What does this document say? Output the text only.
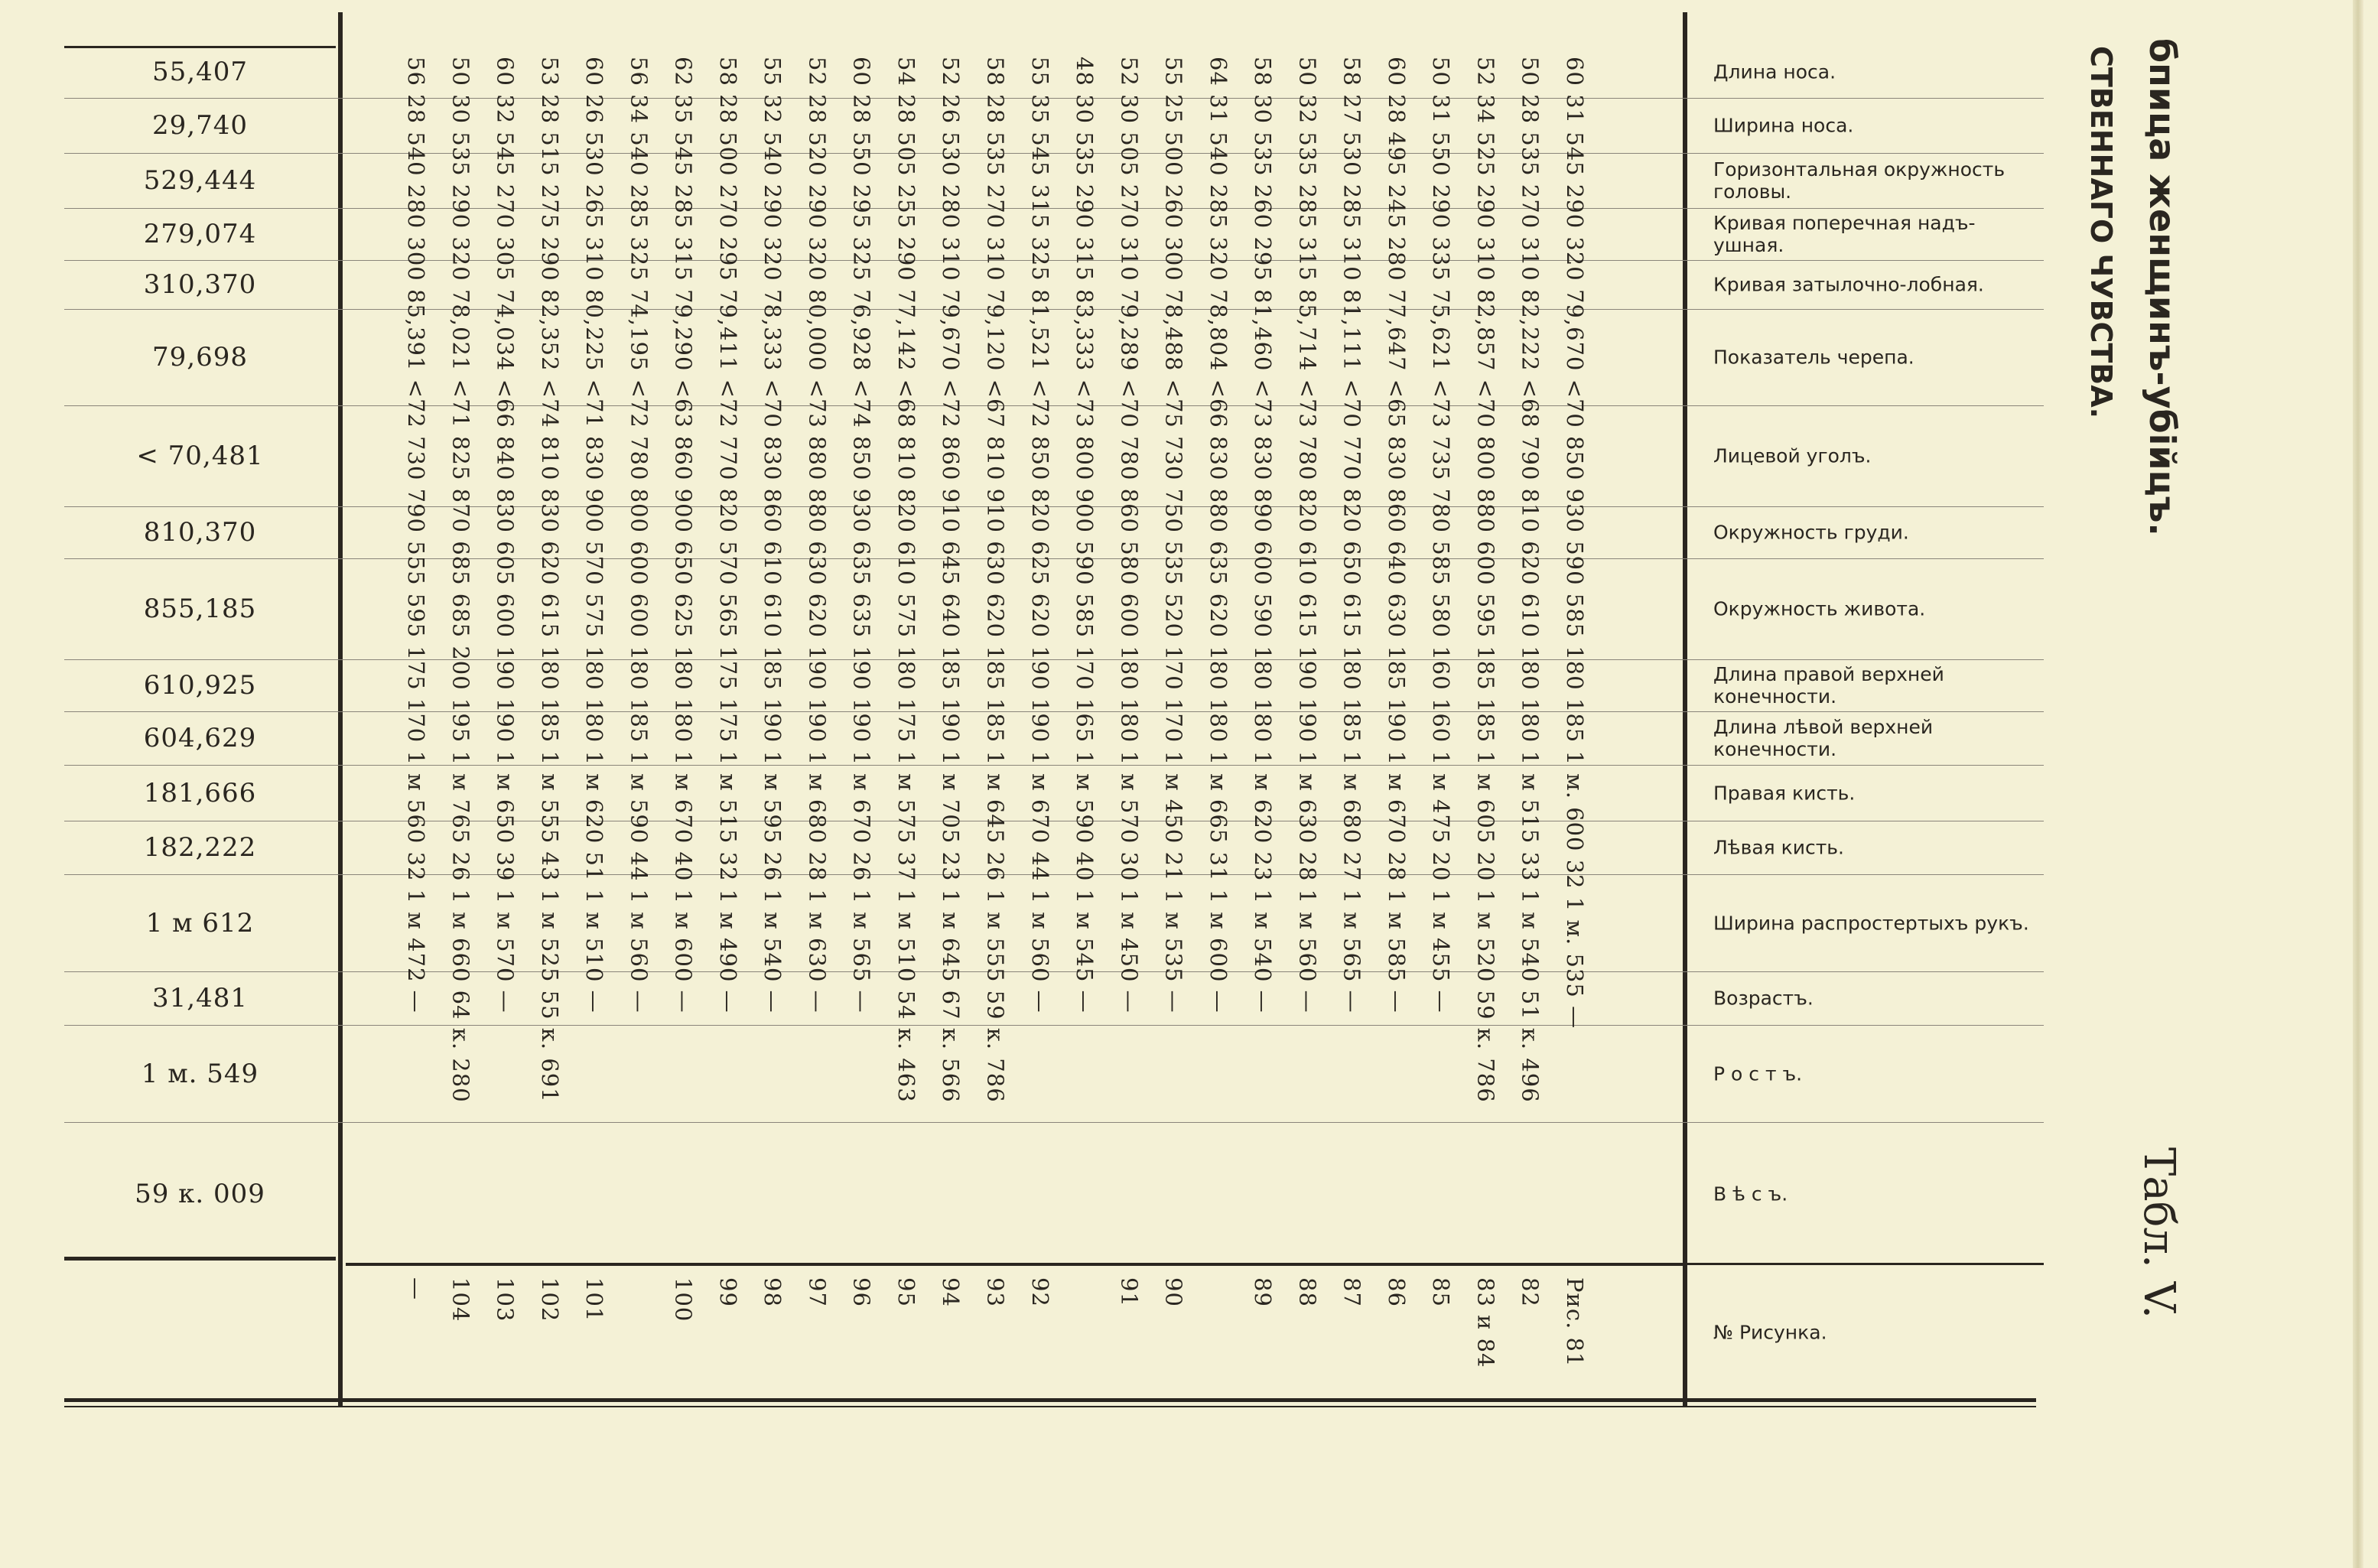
бпица женщинъ-убійцъ.
СТВЕННАГО ЧУВСТВА.
Табл. V.
Длина носа.
55,407
Ширина носа.
29,740
Горизонтальная окружность головы.
529,444
Кривая поперечная надъ-ушная.
279,074
Кривая затылочно-лобная.
310,370
Показатель черепа.
79,698
Лицевой уголъ.
< 70,481
Окружность груди.
810,370
Окружность живота.
855,185
Длина правой верхней конечности.
610,925
Длина лѣвой верхней конечности.
604,629
Правая кисть.
181,666
Лѣвая кисть.
182,222
Ширина распростертыхъ рукъ.
1 м 612
Возрастъ.
31,481
Р о с т ъ.
1 м. 549
В ѣ с ъ.
59 к. 009
№ Рисунка.
60 31 545 290 320 79,670 <70 850 930 590 585 180 185 1 м. 600 32 1 м. 535 —
Рис. 81
50 28 535 270 310 82,222 <68 790 810 620 610 180 180 1 м 515 33 1 м 540 51 к. 496
82
52 34 525 290 310 82,857 <70 800 880 600 595 185 185 1 м 605 20 1 м 520 59 к. 786
83 и 84
50 31 550 290 335 75,621 <73 735 780 585 580 160 160 1 м 475 20 1 м 455 —
85
60 28 495 245 280 77,647 <65 830 860 640 630 185 190 1 м 670 28 1 м 585 —
86
58 27 530 285 310 81,111 <70 770 820 650 615 180 185 1 м 680 27 1 м 565 —
87
50 32 535 285 315 85,714 <73 780 820 610 615 190 190 1 м 630 28 1 м 560 —
88
58 30 535 260 295 81,460 <73 830 890 600 590 180 180 1 м 620 23 1 м 540 —
89
64 31 540 285 320 78,804 <66 830 880 635 620 180 180 1 м 665 31 1 м 600 —
55 25 500 260 300 78,488 <75 730 750 535 520 170 170 1 м 450 21 1 м 535 —
90
52 30 505 270 310 79,289 <70 780 860 580 600 180 180 1 м 570 30 1 м 450 —
91
48 30 535 290 315 83,333 <73 800 900 590 585 170 165 1 м 590 40 1 м 545 —
55 35 545 315 325 81,521 <72 850 820 625 620 190 190 1 м 670 44 1 м 560 —
92
58 28 535 270 310 79,120 <67 810 910 630 620 185 185 1 м 645 26 1 м 555 59 к. 786
93
52 26 530 280 310 79,670 <72 860 910 645 640 185 190 1 м 705 23 1 м 645 67 к. 566
94
54 28 505 255 290 77,142 <68 810 820 610 575 180 175 1 м 575 37 1 м 510 54 к. 463
95
60 28 550 295 325 76,928 <74 850 930 635 635 190 190 1 м 670 26 1 м 565 —
96
52 28 520 290 320 80,000 <73 880 880 630 620 190 190 1 м 680 28 1 м 630 —
97
55 32 540 290 320 78,333 <70 830 860 610 610 185 190 1 м 595 26 1 м 540 —
98
58 28 500 270 295 79,411 <72 770 820 570 565 175 175 1 м 515 32 1 м 490 —
99
62 35 545 285 315 79,290 <63 860 900 650 625 180 180 1 м 670 40 1 м 600 —
100
56 34 540 285 325 74,195 <72 780 800 600 600 180 185 1 м 590 44 1 м 560 —
60 26 530 265 310 80,225 <71 830 900 570 575 180 180 1 м 620 51 1 м 510 —
101
53 28 515 275 290 82,352 <74 810 830 620 615 180 185 1 м 555 43 1 м 525 55 к. 691
102
60 32 545 270 305 74,034 <66 840 830 605 600 190 190 1 м 650 39 1 м 570 —
103
50 30 535 290 320 78,021 <71 825 870 685 685 200 195 1 м 765 26 1 м 660 64 к. 280
104
56 28 540 280 300 85,391 <72 730 790 555 595 175 170 1 м 560 32 1 м 472 —
—
